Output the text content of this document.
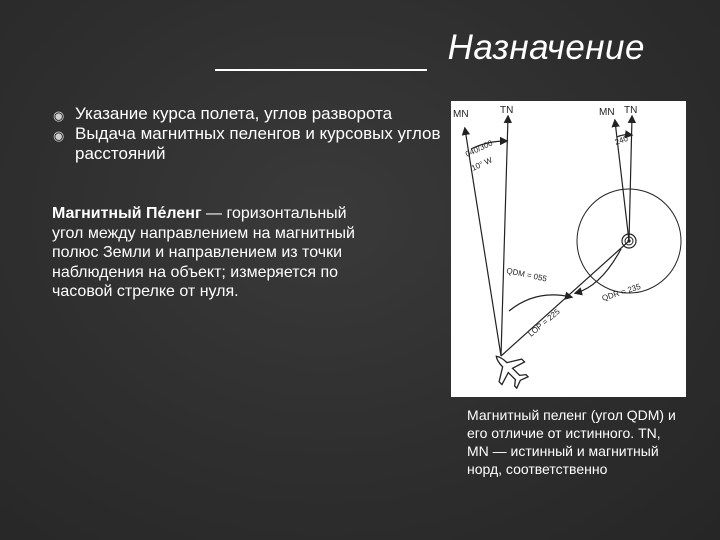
Назначение
◉ Указание курса полета, углов разворота
◉ Выдача магнитных пеленгов и курсовых углов расстояний
Магнитный Пе́ленг — горизонтальный угол между направлением на магнитный полюс Земли и направлением из точки наблюдения на объект; измеряется по часовой стрелке от нуля.
MN	TN	MN TN
040/300
10° W
240
QDM = 055
QDR = 235
LOP = 225
Магнитный пеленг (угол QDM) и его отличие от истинного. TN, MN — истинный и магнитный норд, соответственно
